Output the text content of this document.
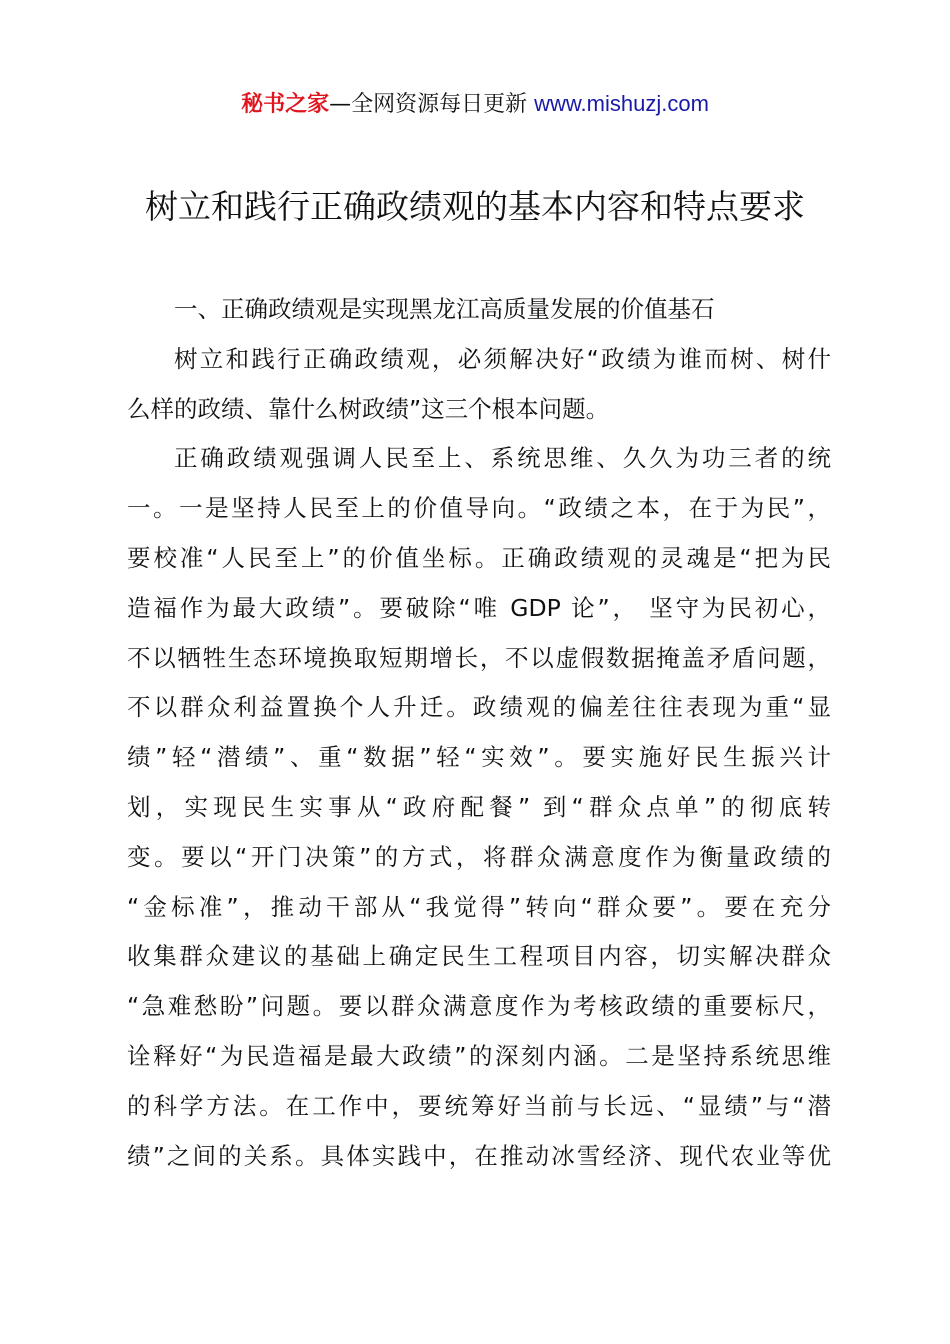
秘书之家—全网资源每日更新 www.mishuzj.com
树立和践行正确政绩观的基本内容和特点要求
一、正确政绩观是实现黑龙江高质量发展的价值基石
树立和践行正确政绩观，必须解决好“政绩为谁而树、树什
么样的政绩、靠什么树政绩”这三个根本问题。
正确政绩观强调人民至上、系统思维、久久为功三者的统
一。一是坚持人民至上的价值导向。“政绩之本，在于为民”，
要校准“人民至上”的价值坐标。正确政绩观的灵魂是“把为民
造福作为最大政绩”。要破除“唯 GDP 论”， 坚守为民初心，
不以牺牲生态环境换取短期增长，不以虚假数据掩盖矛盾问题，
不以群众利益置换个人升迁。政绩观的偏差往往表现为重“显
绩”轻“潜绩”、重“数据”轻“实效”。要实施好民生振兴计
划，实现民生实事从“政府配餐” 到“群众点单”的彻底转
变。要以“开门决策”的方式，将群众满意度作为衡量政绩的
“金标准”，推动干部从“我觉得”转向“群众要”。要在充分
收集群众建议的基础上确定民生工程项目内容，切实解决群众
“急难愁盼”问题。要以群众满意度作为考核政绩的重要标尺，
诠释好“为民造福是最大政绩”的深刻内涵。二是坚持系统思维
的科学方法。在工作中，要统筹好当前与长远、“显绩”与“潜
绩”之间的关系。具体实践中，在推动冰雪经济、现代农业等优
